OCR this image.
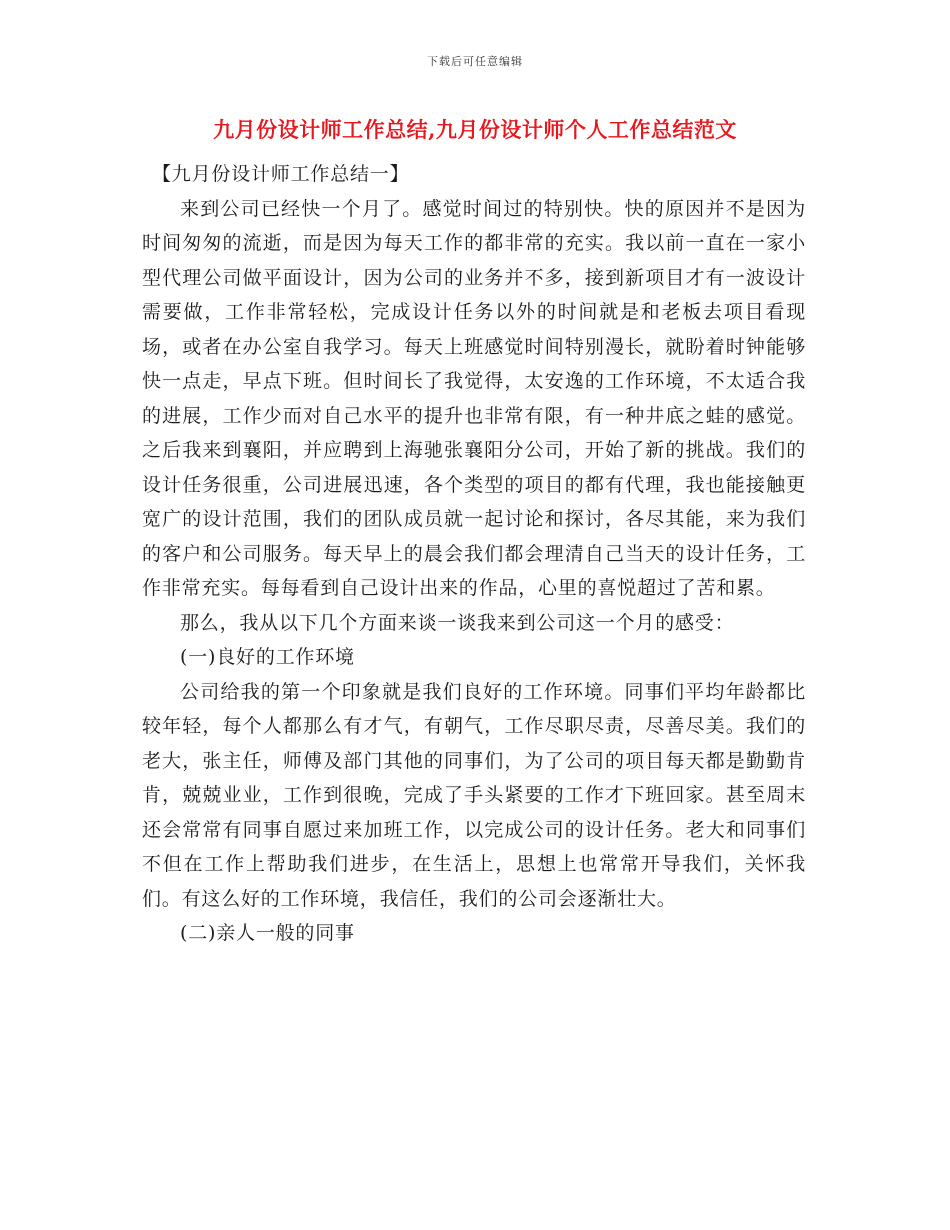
下载后可任意编辑
九月份设计师工作总结,九月份设计师个人工作总结范文

【九月份设计师工作总结一】

来到公司已经快一个月了。感觉时间过的特别快。快的原因并不是因为时间匆匆的流逝，而是因为每天工作的都非常的充实。我以前一直在一家小型代理公司做平面设计，因为公司的业务并不多，接到新项目才有一波设计需要做，工作非常轻松，完成设计任务以外的时间就是和老板去项目看现场，或者在办公室自我学习。每天上班感觉时间特别漫长，就盼着时钟能够快一点走，早点下班。但时间长了我觉得，太安逸的工作环境，不太适合我的进展，工作少而对自己水平的提升也非常有限，有一种井底之蛙的感觉。之后我来到襄阳，并应聘到上海驰张襄阳分公司，开始了新的挑战。我们的设计任务很重，公司进展迅速，各个类型的项目的都有代理，我也能接触更宽广的设计范围，我们的团队成员就一起讨论和探讨，各尽其能，来为我们的客户和公司服务。每天早上的晨会我们都会理清自己当天的设计任务，工作非常充实。每每看到自己设计出来的作品，心里的喜悦超过了苦和累。

那么，我从以下几个方面来谈一谈我来到公司这一个月的感受：

(一)良好的工作环境

公司给我的第一个印象就是我们良好的工作环境。同事们平均年龄都比较年轻，每个人都那么有才气，有朝气，工作尽职尽责，尽善尽美。我们的老大，张主任，师傅及部门其他的同事们，为了公司的项目每天都是勤勤肯肯，兢兢业业，工作到很晚，完成了手头紧要的工作才下班回家。甚至周末还会常常有同事自愿过来加班工作，以完成公司的设计任务。老大和同事们不但在工作上帮助我们进步，在生活上，思想上也常常开导我们，关怀我们。有这么好的工作环境，我信任，我们的公司会逐渐壮大。

(二)亲人一般的同事
